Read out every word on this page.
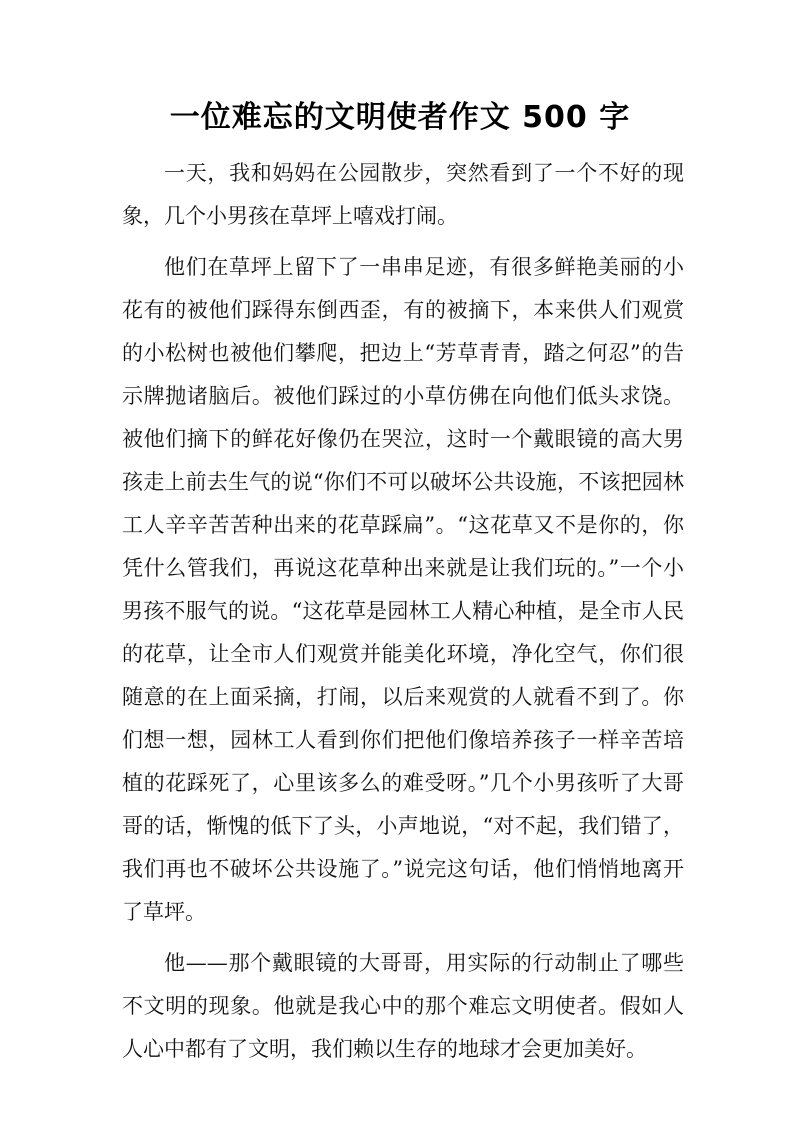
一位难忘的文明使者作文 500 字

一天，我和妈妈在公园散步，突然看到了一个不好的现象，几个小男孩在草坪上嘻戏打闹。

他们在草坪上留下了一串串足迹，有很多鲜艳美丽的小花有的被他们踩得东倒西歪，有的被摘下，本来供人们观赏的小松树也被他们攀爬，把边上“芳草青青，踏之何忍”的告示牌抛诸脑后。被他们踩过的小草仿佛在向他们低头求饶。被他们摘下的鲜花好像仍在哭泣，这时一个戴眼镜的高大男孩走上前去生气的说“你们不可以破坏公共设施，不该把园林工人辛辛苦苦种出来的花草踩扁”。“这花草又不是你的，你凭什么管我们，再说这花草种出来就是让我们玩的。”一个小男孩不服气的说。“这花草是园林工人精心种植，是全市人民的花草，让全市人们观赏并能美化环境，净化空气，你们很随意的在上面采摘，打闹，以后来观赏的人就看不到了。你们想一想，园林工人看到你们把他们像培养孩子一样辛苦培植的花踩死了，心里该多么的难受呀。”几个小男孩听了大哥哥的话，惭愧的低下了头，小声地说，“对不起，我们错了，我们再也不破坏公共设施了。”说完这句话，他们悄悄地离开了草坪。

他——那个戴眼镜的大哥哥，用实际的行动制止了哪些不文明的现象。他就是我心中的那个难忘文明使者。假如人人心中都有了文明，我们赖以生存的地球才会更加美好。
